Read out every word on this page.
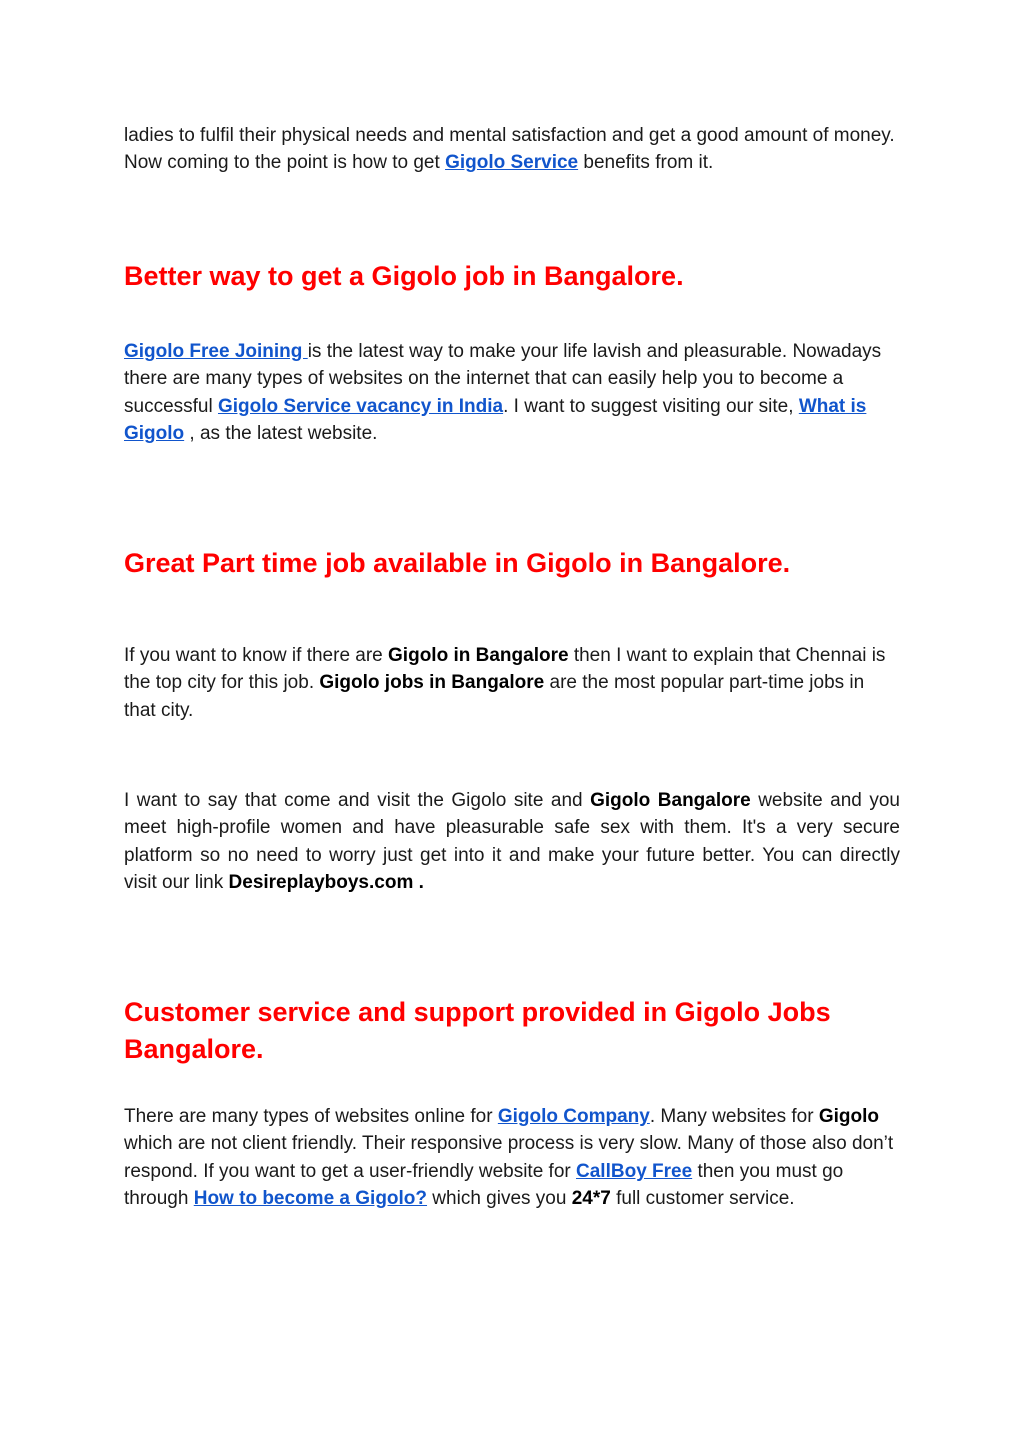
ladies to fulfil their physical needs and mental satisfaction and get a good amount of money. Now coming to the point is how to get Gigolo Service benefits from it.

Better way to get a Gigolo job in Bangalore.

Gigolo Free Joining is the latest way to make your life lavish and pleasurable. Nowadays there are many types of websites on the internet that can easily help you to become a successful Gigolo Service vacancy in India. I want to suggest visiting our site, What is Gigolo , as the latest website.

Great Part time job available in Gigolo in Bangalore.

If you want to know if there are Gigolo in Bangalore then I want to explain that Chennai is the top city for this job. Gigolo jobs in Bangalore are the most popular part-time jobs in that city.

I want to say that come and visit the Gigolo site and Gigolo Bangalore website and you meet high-profile women and have pleasurable safe sex with them. It's a very secure platform so no need to worry just get into it and make your future better. You can directly visit our link Desireplayboys.com .

Customer service and support provided in Gigolo Jobs Bangalore.

There are many types of websites online for Gigolo Company. Many websites for Gigolo which are not client friendly. Their responsive process is very slow. Many of those also don’t respond. If you want to get a user-friendly website for CallBoy Free then you must go through How to become a Gigolo? which gives you 24*7 full customer service.
